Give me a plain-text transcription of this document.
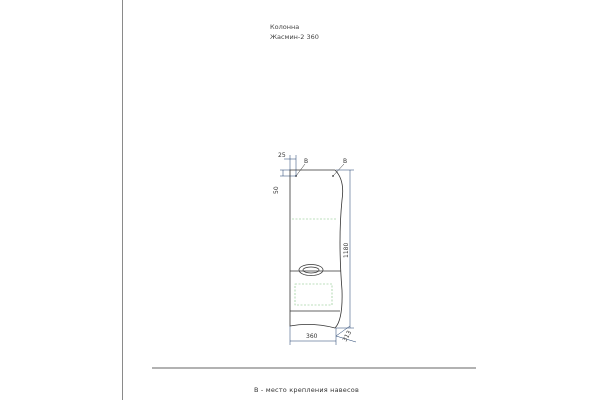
Колонна
Жасмин-2 360
В	В
25
50
1180
360	313
В - место крепления навесов
